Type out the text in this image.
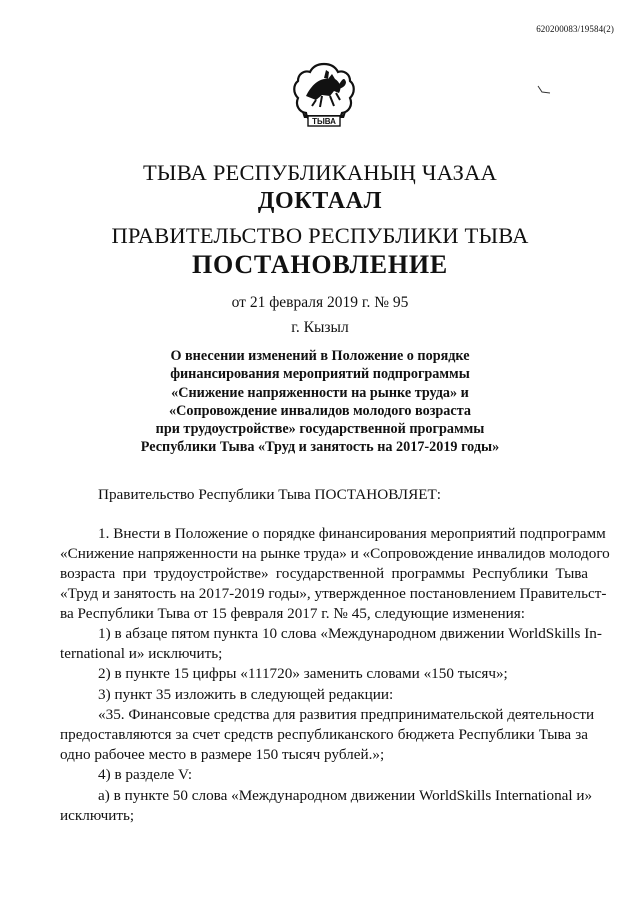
620200083/19584(2)
ТЫВА
ТЫВА РЕСПУБЛИКАНЫҢ ЧАЗАА
ДОКТААЛ
ПРАВИТЕЛЬСТВО РЕСПУБЛИКИ ТЫВА
ПОСТАНОВЛЕНИЕ
от 21 февраля 2019 г. № 95
г. Кызыл
О внесении изменений в Положение о порядке
финансирования мероприятий подпрограммы
«Снижение напряженности на рынке труда» и
«Сопровождение инвалидов молодого возраста
при трудоустройстве» государственной программы
Республики Тыва «Труд и занятость на 2017-2019 годы»
Правительство Республики Тыва ПОСТАНОВЛЯЕТ:
1. Внести в Положение о порядке финансирования мероприятий подпрограмм
«Снижение напряженности на рынке труда» и «Сопровождение инвалидов молодого
возраста при трудоустройстве» государственной программы Республики Тыва
«Труд и занятость на 2017-2019 годы», утвержденное постановлением Правительст-
ва Республики Тыва от 15 февраля 2017 г. № 45, следующие изменения:
1) в абзаце пятом пункта 10 слова «Международном движении WorldSkills In-
ternational и» исключить;
2) в пункте 15 цифры «111720» заменить словами «150 тысяч»;
3) пункт 35 изложить в следующей редакции:
«35. Финансовые средства для развития предпринимательской деятельности
предоставляются за счет средств республиканского бюджета Республики Тыва за
одно рабочее место в размере 150 тысяч рублей.»;
4) в разделе V:
а) в пункте 50 слова «Международном движении WorldSkills International и»
исключить;
